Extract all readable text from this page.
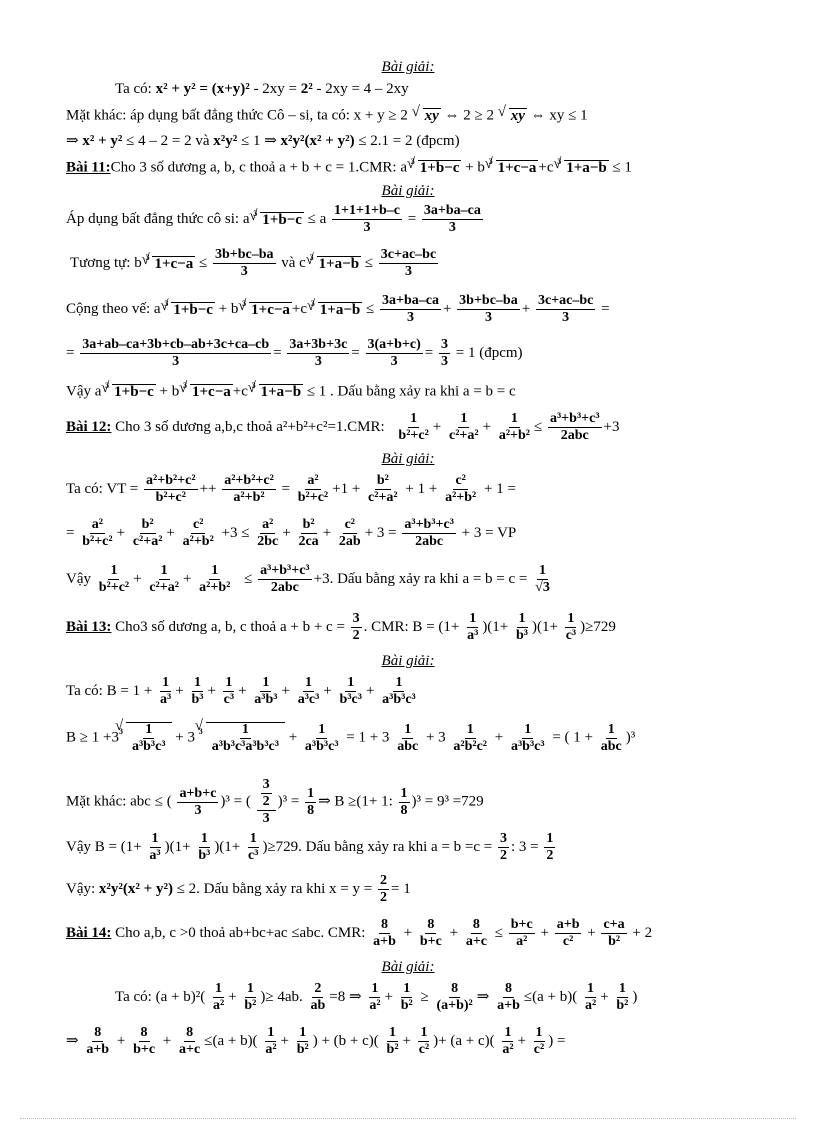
Bài giải:
Ta có: x² + y² = (x+y)² - 2xy = 2² - 2xy = 4 – 2xy
Mặt khác: áp dụng bất đẳng thức Cô – si, ta có: x + y ≥ 2 √ xy ⇔ 2 ≥ 2 √ xy ⇔ xy ≤ 1
⇒ x² + y² ≤ 4 – 2 = 2 và x²y² ≤ 1 ⇒ x²y²(x² + y²) ≤ 2.1 = 2 (đpcm)
Bài 11:Cho 3 số dương a, b, c thoả a + b + c = 1.CMR: a $^3$ √ 1+b−c + b $^3$ √ 1+c−a +c $^3$ √ 1+a−b ≤ 1
Bài giải:
Áp dụng bất đẳng thức cô si: a $^3$ √ 1+b−c ≤ a $\frac{1+1+1+b-c}{3} = \frac{3a+ba-ca}{3}$
Tương tự: b $^3$ √ $1+c-a \le \frac{3b+bc-ba}{3}$ và c $^3$ √ $1+a-b \le \frac{3c+ac-bc}{3}$
Cộng theo vế: a $^3$ √ 1+b−c + b $^3$ √ 1+c−a +c $^3$ √ $1+a-b \le \frac{3a+ba-ca}{3} + \frac{3b+bc-ba}{3} + \frac{3c+ac-bc}{3}$ =
= $\frac{3a+ab-ca+3b+cb-ab+3c+ca-cb}{3} = \frac{3a+3b+3c}{3} = \frac{3(a+b+c)}{3} = \frac{3}{3} = 1$ (đpcm)
Vậy a $^3$ √ 1+b−c + b $^3$ √ 1+c−a +c $^3$ √ 1+a−b ≤ 1 . Dấu bằng xảy ra khi a = b = c
Bài 12: Cho 3 số dương a,b,c thoả a²+b²+c²=1.CMR: $\frac{1}{\text{b²+c²}} + \frac{1}{\text{c²+a²}} + \frac{1}{\text{a²+b²}} \le \frac{\text{a³+b³+c³}}{\text{2abc}} +3$
Bài giải:
Ta có: VT = $\frac{\text{a²+b²+c²}}{\text{b²+c²}} ++ \frac{\text{a²+b²+c²}}{\text{a²+b²}} = \frac{\text{a²}}{\text{b²+c²}} +1 + \frac{\text{b²}}{\text{c²+a²}} + 1 + \frac{\text{c²}}{\text{a²+b²}} + 1$ =
= $\frac{\text{a²}}{\text{b²+c²}} + \frac{\text{b²}}{\text{c²+a²}} + \frac{\text{c²}}{\text{a²+b²}} +3 \le \frac{\text{a²}}{2bc} + \frac{\text{b²}}{2ca} + \frac{\text{c²}}{2ab} + 3 = \frac{\text{a³+b³+c³}}{\text{2abc}} + 3$ = VP
Vậy $\frac{1}{\text{b²+c²}} + \frac{1}{\text{c²+a²}} + \frac{1}{\text{a²+b²}} \le \frac{\text{a³+b³+c³}}{\text{2abc}} +3$. Dấu bằng xảy ra khi $a = b = c = \frac{1}{√3}$
Bài 13: Cho3 số dương a, b, c thoả $a + b + c = \frac{3}{2}$ . CMR: $B = (1+ \frac{1}{\text{a³}} )(1+ \frac{1}{\text{b³}} )(1+ \frac{1}{\text{c³}} )\ge 729$
Bài giải:
Ta có: $B = 1 + \frac{1}{\text{a³}} + \frac{1}{\text{b³}} + \frac{1}{\text{c³}} + \frac{1}{\text{a³b³}} + \frac{1}{\text{a³c³}} + \frac{1}{\text{b³c³}} + \frac{1}{\text{a³b³c³}}$
$B \ge 1 +3^3$ √ $\frac{1}{\text{a³b³c³}} + 3$ $^3$ √ $\frac{1}{\text{a³b³c³a³b³c³}} + \frac{1}{\text{a³b³c³}} = 1 + 3 \frac{1}{\text{abc}} + 3 \frac{1}{\text{a²b²c²}} + \frac{1}{\text{a³b³c³}}$ = ( $1 + \frac{1}{\text{abc}} )^3$
Mặt khác: abc ≤ ( $\frac{a+b+c}{3} )^3$ = ( $\frac{\frac{3}{2}}{3} )^3 = \frac{1}{8}$ ⇒ B ≥(1+ 1: $\frac{1}{8} )^3 = 9^3 =729$
Vậy $B = (1+ \frac{1}{\text{a³}} )(1+ \frac{1}{\text{b³}} )(1+ \frac{1}{\text{c³}} )\ge 729$. Dấu bằng xảy ra khi $a = b =c = \frac{3}{2}$ : $3 = \frac{1}{2}$
Vậy: x²y²(x² + y²) ≤ 2. Dấu bằng xảy ra khi $x = y = \frac{2}{2} = 1$
Bài 14: Cho a,b, c >0 thoả ab+bc+ac ≤abc. CMR: $\frac{8}{a+b} + \frac{8}{b+c} + \frac{8}{a+c} \le \frac{b+c}{\text{a²}} + \frac{a+b}{\text{c²}} + \frac{c+a}{\text{b²}} + 2$
Bài giải:
Ta có: $(a + b)^2( \frac{1}{\text{a²}} + \frac{1}{\text{b²}}$ )≥ 4ab. $\frac{2}{ab} =8$ ⇒ $\frac{1}{\text{a²}} + \frac{1}{\text{b²}} \ge \frac{8}{\text{(a+b)²}}$ ⇒ $\frac{8}{a+b} \le(a + b)( \frac{1}{\text{a²}} + \frac{1}{\text{b²}}$ )
⇒ $\frac{8}{a+b} + \frac{8}{b+c} + \frac{8}{a+c} \le(a + b)( \frac{1}{\text{a²}} + \frac{1}{\text{b²}}$ ) + $(b + c)( \frac{1}{\text{b²}} + \frac{1}{\text{c²}}$ )+ $(a + c)( \frac{1}{\text{a²}} + \frac{1}{\text{c²}}$ ) =
